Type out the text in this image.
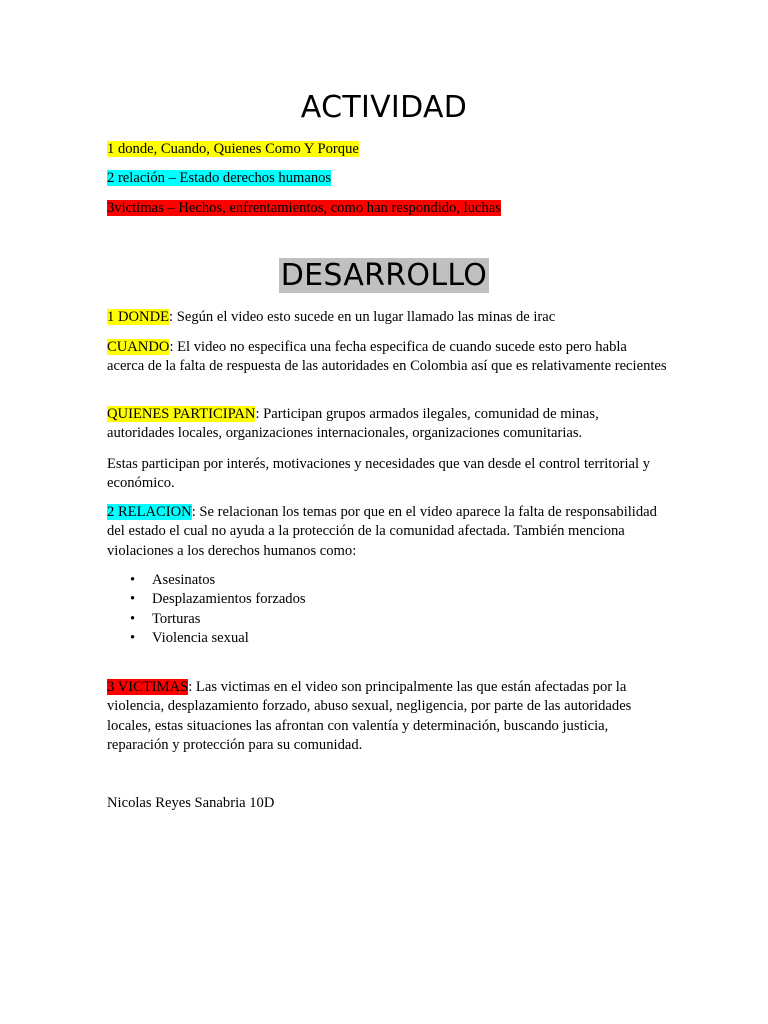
ACTIVIDAD
1 donde, Cuando, Quienes Como Y Porque
2 relación – Estado derechos humanos
3victimas – Hechos, enfrentamientos, como han respondido, luchas
DESARROLLO
1 DONDE: Según el video esto sucede en un lugar llamado las minas de irac
CUANDO: El video no especifica una fecha especifica de cuando sucede esto pero habla acerca de la falta de respuesta de las autoridades en Colombia así que es relativamente recientes
QUIENES PARTICIPAN: Participan grupos armados ilegales, comunidad de minas, autoridades locales, organizaciones internacionales, organizaciones comunitarias.
Estas participan por interés, motivaciones y necesidades que van desde el control territorial y económico.
2 RELACION: Se relacionan los temas por que en el video aparece la falta de responsabilidad del estado el cual no ayuda a la protección de la comunidad afectada. También menciona violaciones a los derechos humanos como:
• Asesinatos
• Desplazamientos forzados
• Torturas
• Violencia sexual
3 VICTIMAS: Las victimas en el video son principalmente las que están afectadas por la violencia, desplazamiento forzado, abuso sexual, negligencia, por parte de las autoridades locales, estas situaciones las afrontan con valentía y determinación, buscando justicia, reparación y protección para su comunidad.
Nicolas Reyes Sanabria 10D
